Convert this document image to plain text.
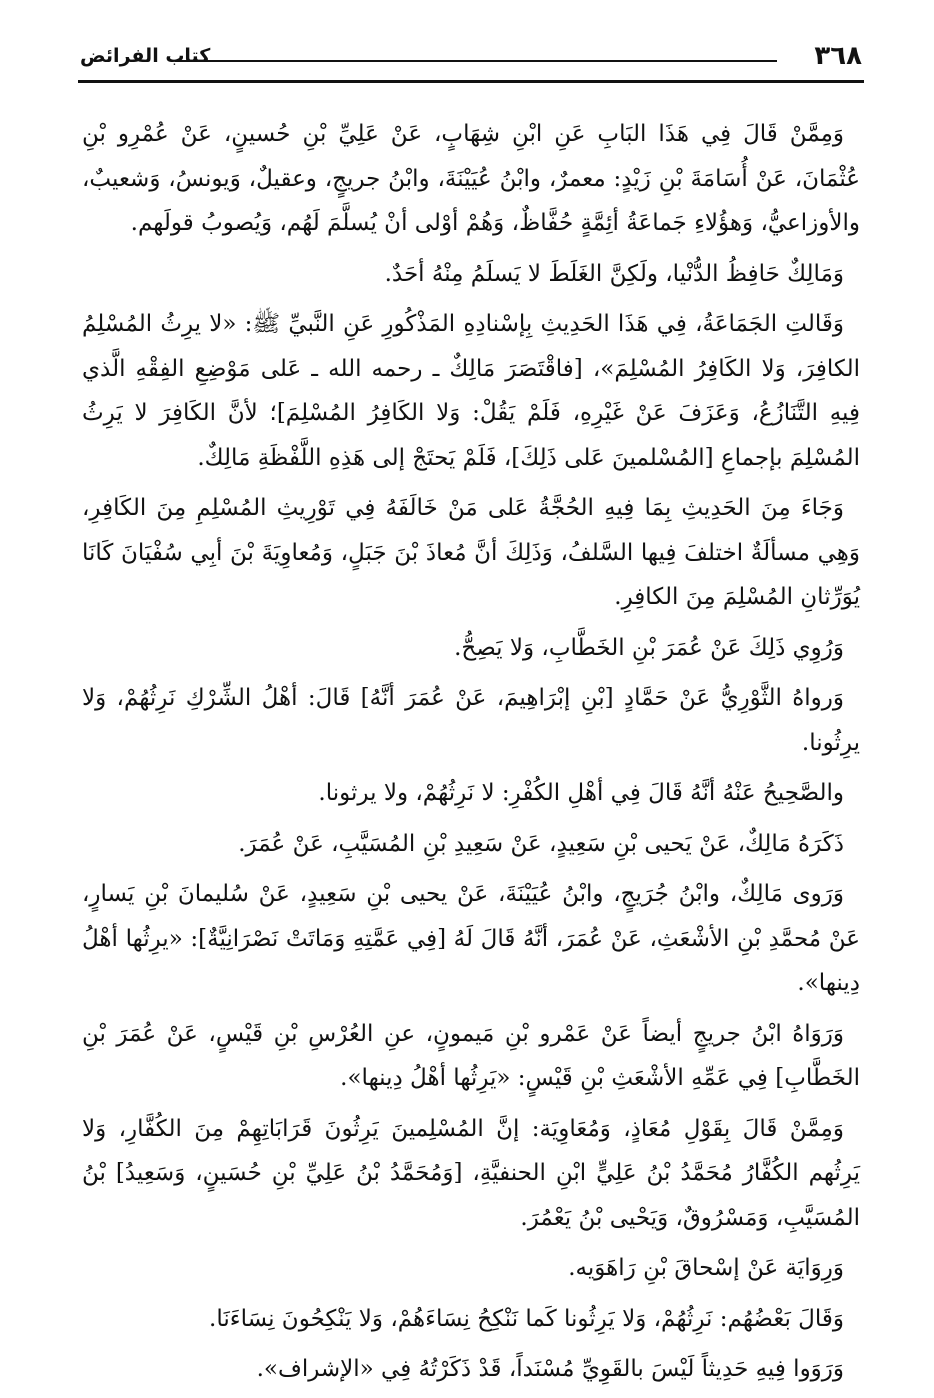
٣٦٨
كتاب الفرائض

وَمِمَّنْ قَالَ فِي هَذَا البَابِ عَنِ ابْنِ شِهَابٍ، عَنْ عَلِيِّ بْنِ حُسينٍ، عَنْ عُمْرِو بْنِ عُثْمَانَ، عَنْ أُسَامَةَ بْنِ زَيْدٍ: معمرٌ، وابْنُ عُيَيْنَةَ، وابْنُ جريجٍ، وعقيلٌ، وَيونسُ، وَشعيبٌ، والأوزاعيُّ، وَهؤُلاءِ جَماعَةُ أئِمَّةٍ حُفَّاظٌ، وَهُمْ أوْلى أنْ يُسلَّمَ لَهُم، وَيُصوبُ قولَهم.

وَمَالِكٌ حَافِظُ الدُّنْيا، ولَكِنَّ الغَلَطَ لا يَسلَمُ مِنْهُ أحَدٌ.

وَقَالتِ الجَمَاعَةُ، فِي هَذَا الحَدِيثِ بِإسْنادِهِ المَذْكُورِ عَنِ النَّبيِّ ﷺ: «لا يرِثُ المُسْلِمُ الكافِرَ، وَلا الكَافِرُ المُسْلِمَ»، [فاقْتَصَرَ مَالِكٌ ـ رحمه الله ـ عَلى مَوْضِعِ الفِقْهِ الَّذي فِيهِ التَّنَازُعُ، وَعَزَفَ عَنْ غَيْرِهِ، فَلَمْ يَقُلْ: وَلا الكَافِرُ المُسْلِمَ]؛ لأنَّ الكَافِرَ لا يَرِثُ المُسْلِمَ بإجماعِ [المُسْلمينَ عَلى ذَلِكَ]، فَلَمْ يَحتَجْ إلى هَذِهِ اللَّفْظَةِ مَالِكٌ.

وَجَاءَ مِنَ الحَدِيثِ بِمَا فِيهِ الحُجَّةُ عَلى مَنْ خَالَفَهُ فِي تَوْرِيثِ المُسْلِمِ مِنَ الكَافِرِ، وَهِي مسألَةٌ اختلفَ فِيها السَّلفُ، وَذَلِكَ أنَّ مُعاذَ بْنَ جَبَلٍ، وَمُعاوِيَةَ بْنَ أبِي سُفْيَانَ كَانَا يُوَرِّثانِ المُسْلِمَ مِنَ الكافِرِ.

وَرُوِي ذَلِكَ عَنْ عُمَرَ بْنِ الخَطَّابِ، وَلا يَصِحُّ.

وَرواهُ الثَّوْرِيُّ عَنْ حَمَّادٍ [بْنِ إبْرَاهِيمَ، عَنْ عُمَرَ أنَّهُ] قَالَ: أهْلُ الشِّرْكِ نَرِثُهُمْ، وَلا يرِثُونا.

والصَّحِيحُ عَنْهُ أنَّهُ قَالَ فِي أهْلِ الكُفْرِ: لا نَرِثُهُمْ، ولا يرثونا.

ذَكَرَهُ مَالِكٌ، عَنْ يَحيى بْنِ سَعِيدٍ، عَنْ سَعِيدِ بْنِ المُسَيَّبِ، عَنْ عُمَرَ.

وَرَوى مَالِكٌ، وابْنُ جُرَيجٍ، وابْنُ عُيَيْنَةَ، عَنْ يحيى بْنِ سَعِيدٍ، عَنْ سُليمانَ بْنِ يَسارٍ، عَنْ مُحمَّدِ بْنِ الأشْعَثِ، عَنْ عُمَرَ، أنَّهُ قَالَ لَهُ [فِي عَمَّتِهِ وَمَاتَتْ نَصْرَانِيَّةٌ]: «يرِثُها أهْلُ دِينها».

وَرَوَاهُ ابْنُ جريجٍ أيضاً عَنْ عَمْرو بْنِ مَيمونٍ، عنِ العُرْسِ بْنِ قَيْسٍ، عَنْ عُمَرَ بْنِ الخَطَّابِ] فِي عَمِّهِ الأشْعَثِ بْنِ قَيْسٍ: «يَرِثُها أهْلُ دِينها».

وَمِمَّنْ قَالَ بِقَوْلِ مُعَاذٍ، وَمُعَاوِيَة: إنَّ المُسْلِمينَ يَرِثُونَ قَرَابَاتِهِمْ مِنَ الكُفَّارِ، وَلا يَرِثُهم الكُفَّارُ مُحَمَّدُ بْنُ عَلِيٍّ ابْنِ الحنفيَّةِ، [وَمُحَمَّدُ بْنُ عَلِيِّ بْنِ حُسَينٍ، وَسَعِيدُ] بْنُ المُسَيَّبِ، وَمَسْرُوقٌ، وَيَحْيى بْنُ يَعْمُرَ.

وَرِوَايَة عَنْ إسْحاقَ بْنِ رَاهَوَيه.

وَقَالَ بَعْضُهُم: نَرِثُهُمْ، وَلا يَرِثُونا كَما نَنْكِحُ نِسَاءَهُمْ، وَلا يَنْكِحُونَ نِسَاءَنَا.

وَرَوَوا فِيهِ حَدِيثاً لَيْسَ بالقَوِيِّ مُسْنَداً، قَدْ ذَكَرْتُهُ فِي «الإشراف».
